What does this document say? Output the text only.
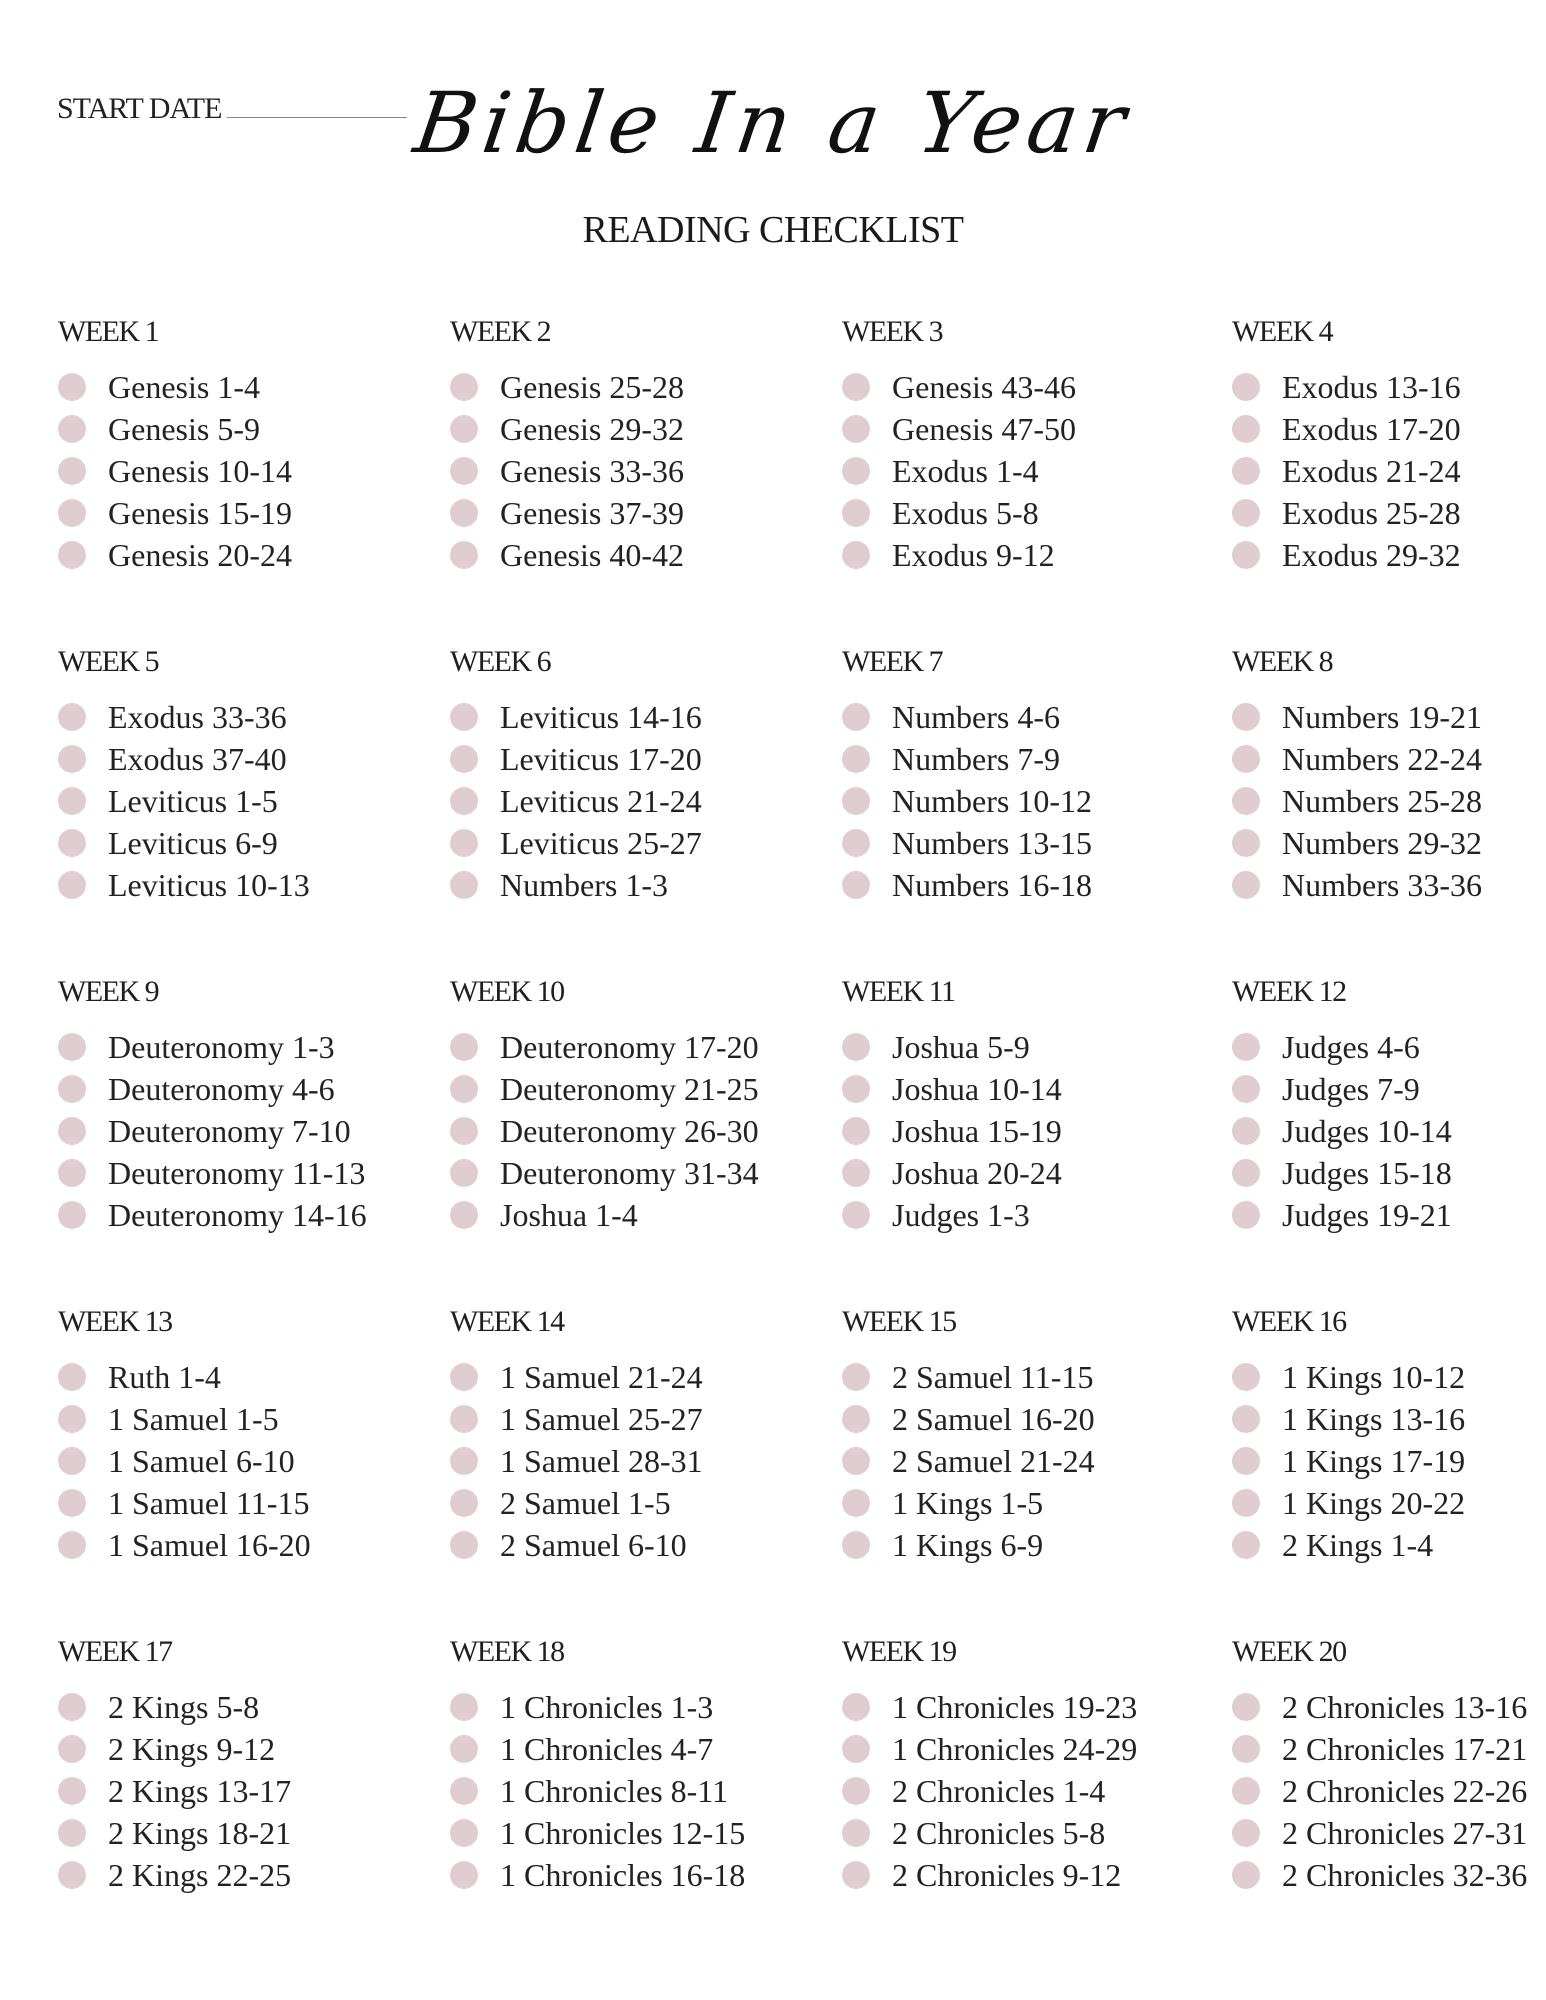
START DATE	Bible In a Year
READING CHECKLIST
WEEK 1
Genesis 1-4
Genesis 5-9
Genesis 10-14
Genesis 15-19
Genesis 20-24
WEEK 2
Genesis 25-28
Genesis 29-32
Genesis 33-36
Genesis 37-39
Genesis 40-42
WEEK 3
Genesis 43-46
Genesis 47-50
Exodus 1-4
Exodus 5-8
Exodus 9-12
WEEK 4
Exodus 13-16
Exodus 17-20
Exodus 21-24
Exodus 25-28
Exodus 29-32
WEEK 5
Exodus 33-36
Exodus 37-40
Leviticus 1-5
Leviticus 6-9
Leviticus 10-13
WEEK 6
Leviticus 14-16
Leviticus 17-20
Leviticus 21-24
Leviticus 25-27
Numbers 1-3
WEEK 7
Numbers 4-6
Numbers 7-9
Numbers 10-12
Numbers 13-15
Numbers 16-18
WEEK 8
Numbers 19-21
Numbers 22-24
Numbers 25-28
Numbers 29-32
Numbers 33-36
WEEK 9
Deuteronomy 1-3
Deuteronomy 4-6
Deuteronomy 7-10
Deuteronomy 11-13
Deuteronomy 14-16
WEEK 10
Deuteronomy 17-20
Deuteronomy 21-25
Deuteronomy 26-30
Deuteronomy 31-34
Joshua 1-4
WEEK 11
Joshua 5-9
Joshua 10-14
Joshua 15-19
Joshua 20-24
Judges 1-3
WEEK 12
Judges 4-6
Judges 7-9
Judges 10-14
Judges 15-18
Judges 19-21
WEEK 13
Ruth 1-4
1 Samuel 1-5
1 Samuel 6-10
1 Samuel 11-15
1 Samuel 16-20
WEEK 14
1 Samuel 21-24
1 Samuel 25-27
1 Samuel 28-31
2 Samuel 1-5
2 Samuel 6-10
WEEK 15
2 Samuel 11-15
2 Samuel 16-20
2 Samuel 21-24
1 Kings 1-5
1 Kings 6-9
WEEK 16
1 Kings 10-12
1 Kings 13-16
1 Kings 17-19
1 Kings 20-22
2 Kings 1-4
WEEK 17
2 Kings 5-8
2 Kings 9-12
2 Kings 13-17
2 Kings 18-21
2 Kings 22-25
WEEK 18
1 Chronicles 1-3
1 Chronicles 4-7
1 Chronicles 8-11
1 Chronicles 12-15
1 Chronicles 16-18
WEEK 19
1 Chronicles 19-23
1 Chronicles 24-29
2 Chronicles 1-4
2 Chronicles 5-8
2 Chronicles 9-12
WEEK 20
2 Chronicles 13-16
2 Chronicles 17-21
2 Chronicles 22-26
2 Chronicles 27-31
2 Chronicles 32-36
